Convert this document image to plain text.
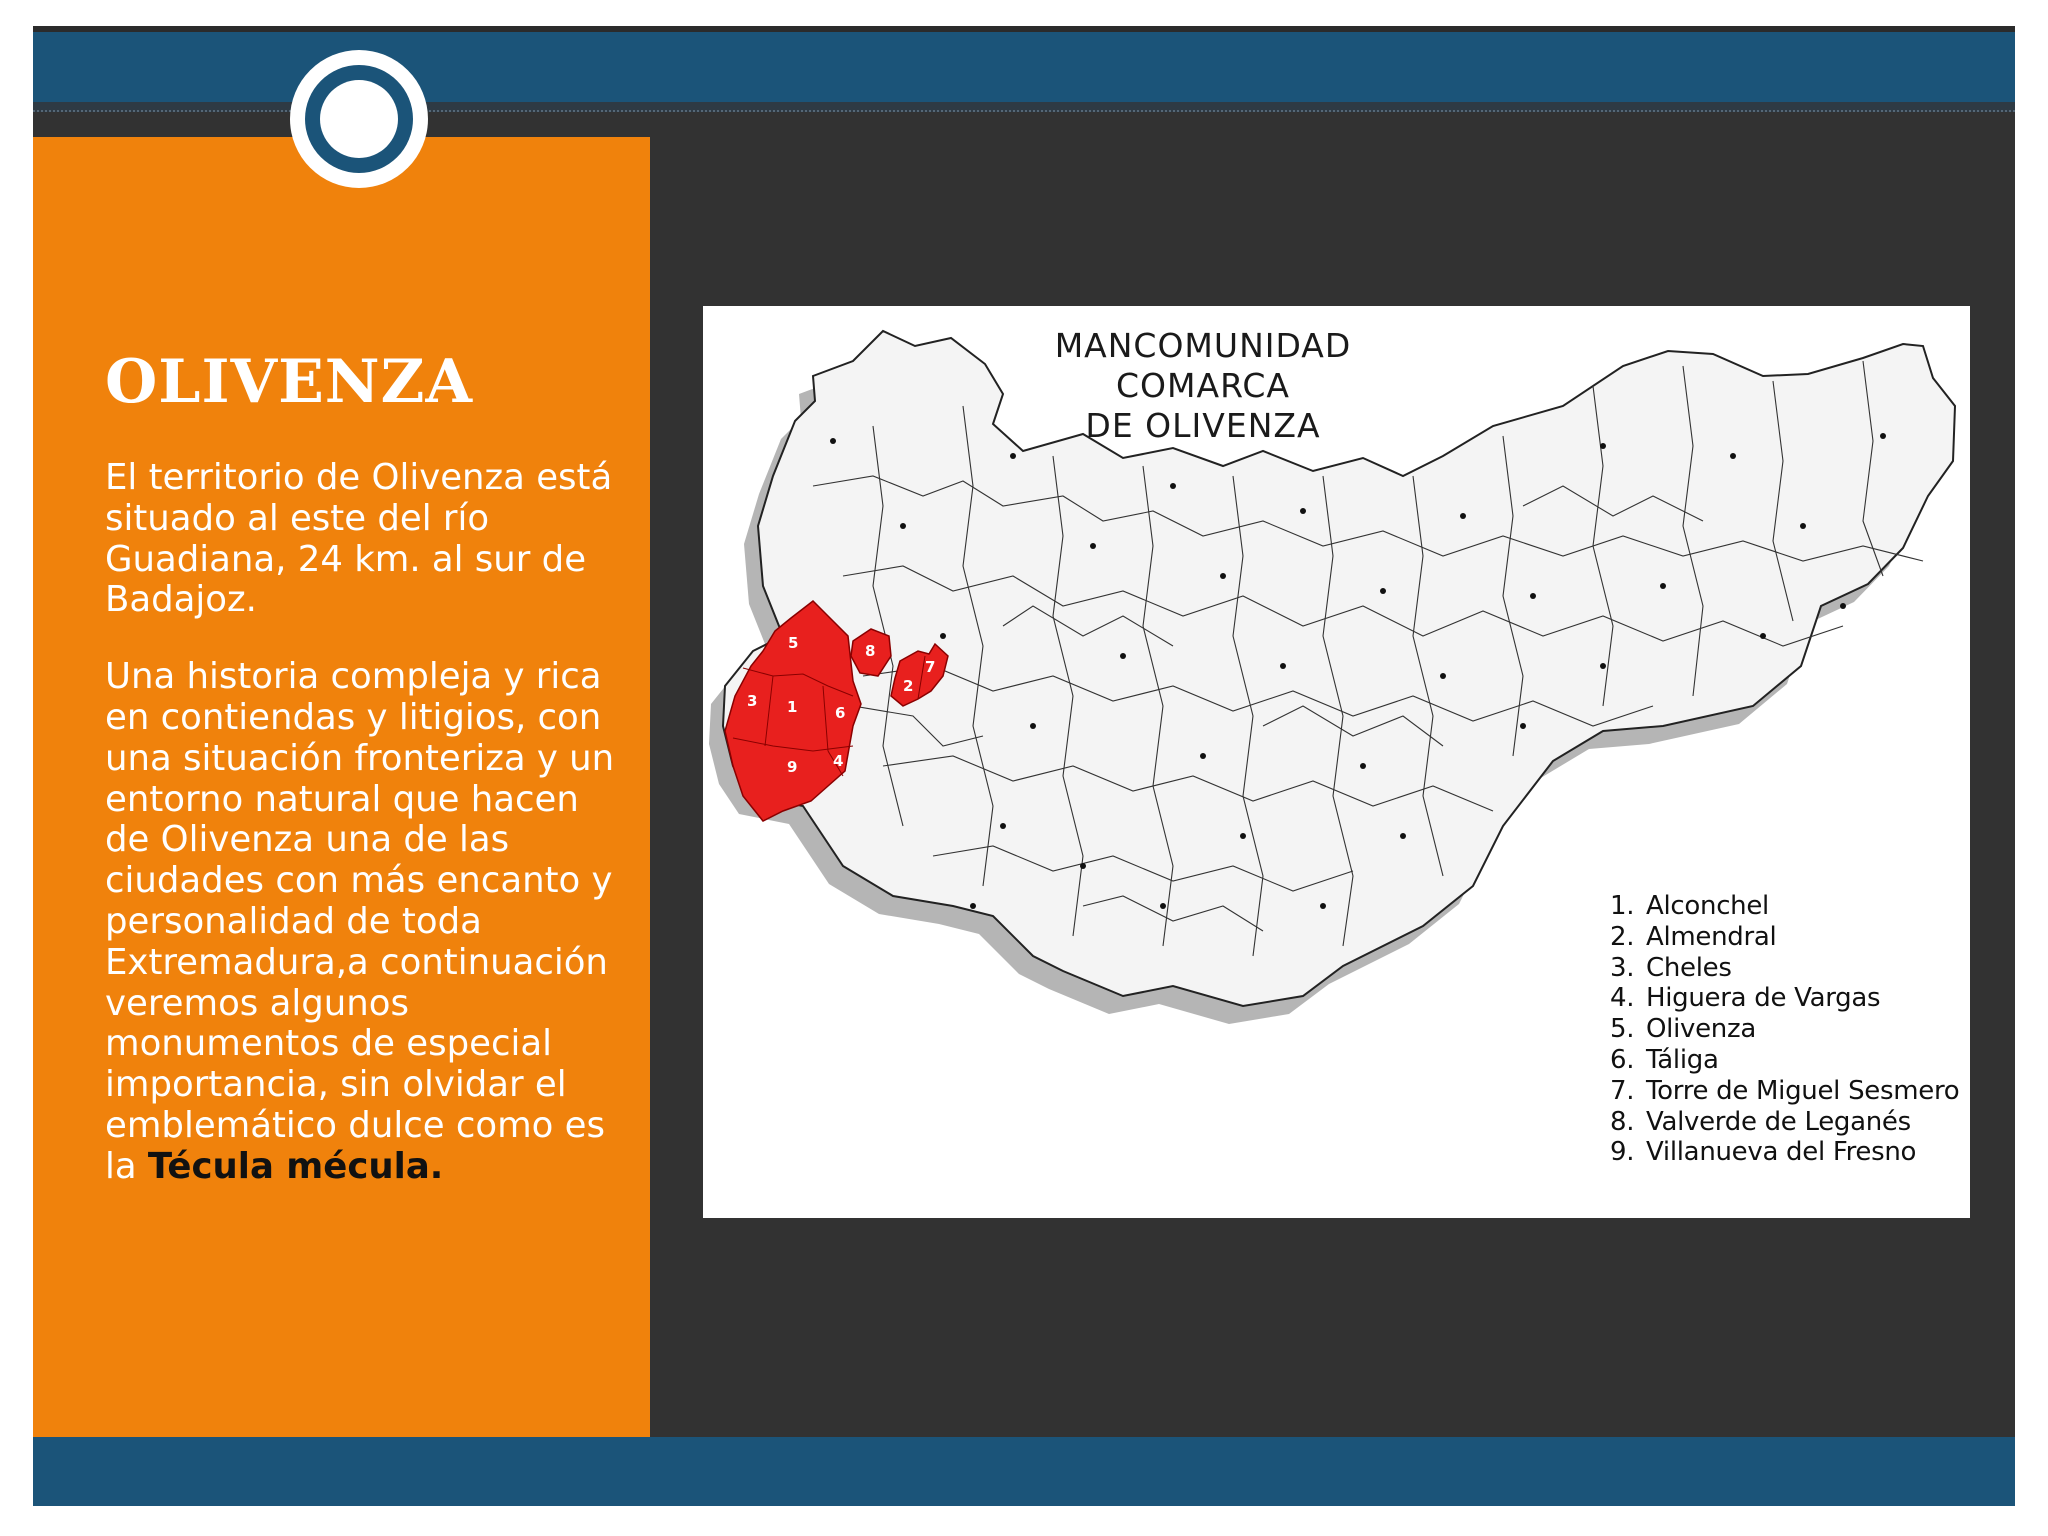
OLIVENZA

El territorio de Olivenza está situado al este del río Guadiana, 24 km. al sur de Badajoz.

Una historia compleja y rica en contiendas y litigios, con una situación fronteriza y un entorno natural que hacen de Olivenza una de las ciudades con más encanto y personalidad de toda Extremadura,a continuación veremos algunos monumentos de especial importancia, sin olvidar el emblemático dulce como es la Técula mécula.

5	8
7
2
3 1	6
9 4
MANCOMUNIDAD COMARCA
DE OLIVENZA
1. Alconchel
2. Almendral
3. Cheles
4. Higuera de Vargas
5. Olivenza
6. Táliga
7. Torre de Miguel Sesmero
8. Valverde de Leganés
9. Villanueva del Fresno
